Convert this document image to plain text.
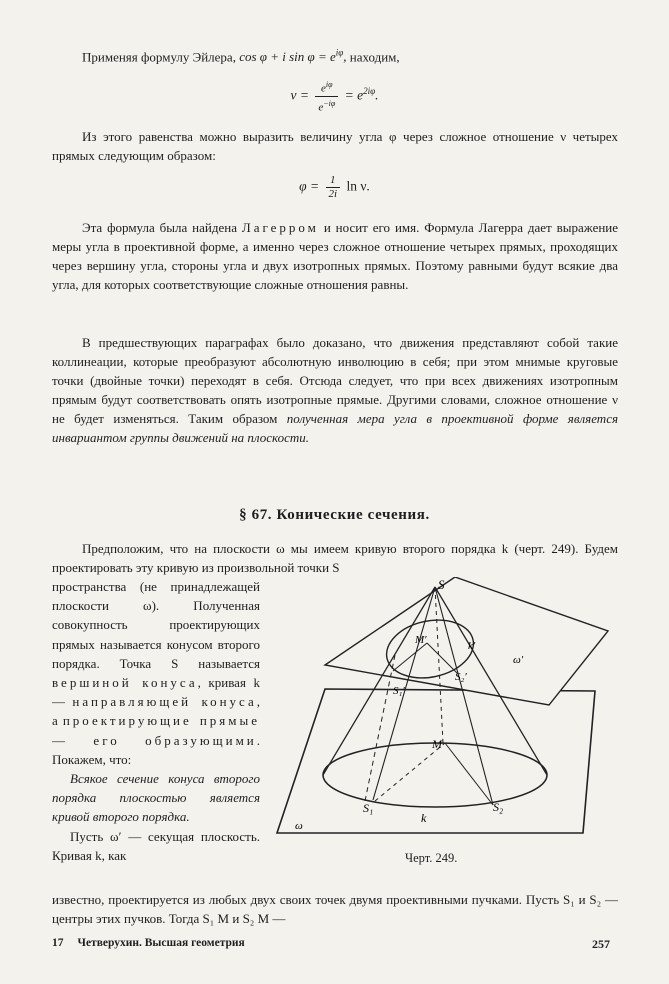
Применяя формулу Эйлера, cos φ + i $\sin \varphi = e^{i\varphi}$, находим,

$\nu = \frac{e^{i\varphi}}{e^{-i\varphi}} = e^{2i\varphi}$.

Из этого равенства можно выразить величину угла φ через сложное отношение ν четырех прямых следующим образом:

$\varphi = \frac{1}{2i}$ ln ν.

Эта формула была найдена Лагерром и носит его имя. Формула Лагерра дает выражение меры угла в проективной форме, а именно через сложное отношение четырех прямых, проходящих через вершину угла, стороны угла и двух изотропных прямых. Поэтому равными будут всякие два угла, для которых соответствующие сложные отношения равны.

В предшествующих параграфах было доказано, что движения представляют собой такие коллинеации, которые преобразуют абсолютную инволюцию в себя; при этом мнимые круговые точки (двойные точки) переходят в себя. Отсюда следует, что при всех движениях изотропным прямым будут соответствовать опять изотропные прямые. Другими словами, сложное отношение ν не будет изменяться. Таким образом полученная мера угла в проективной форме является инвариантом группы движений на плоскости.

§ 67. Конические сечения.

Предположим, что на плоскости ω мы имеем кривую второго порядка k (черт. 249). Будем проектировать эту кривую из произвольной точки S

пространства (не принадлежащей плоскости ω). Полученная совокупность проектирующих прямых называется конусом второго порядка. Точка S называется вершиной конуса, кривая k — направляющей конуса, а проектирующие прямые — его образующими. Покажем, что:
Всякое сечение конуса второго порядка плоскостью является кривой второго порядка.
Пусть ω′ — секущая плоскость. Кривая k, как

S
M′	k′
S₂′
ω′
S₁′
M
S₁	S₂
k
ω
Черт. 249.

известно, проектируется из любых двух своих точек двумя проективными пучками. Пусть S₁ и S₂ — центры этих пучков. Тогда S₁ M и S₂ M —

17 Четверухин. Высшая геометрия	257
